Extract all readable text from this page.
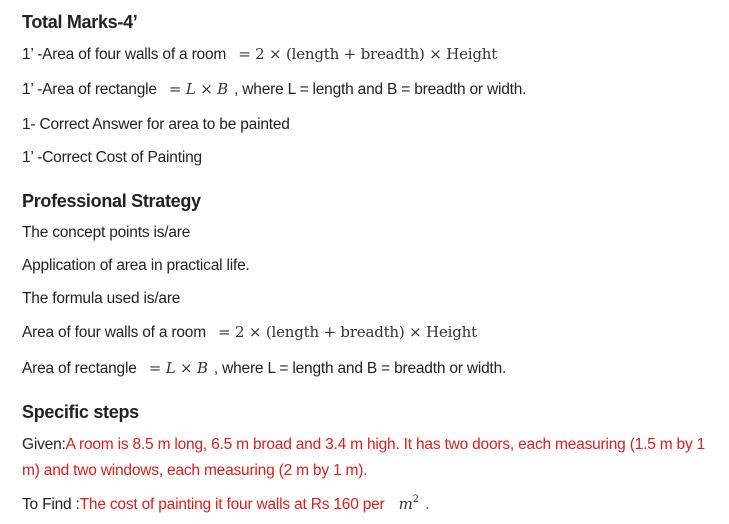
Total Marks-4’
1’ -Area of four walls of a room = 2 × (length + breadth) × Height
1’ -Area of rectangle = L × B , where L = length and B = breadth or width.
1- Correct Answer for area to be painted
1’ -Correct Cost of Painting
Professional Strategy
The concept points is/are
Application of area in practical life.
The formula used is/are
Area of four walls of a room = 2 × (length + breadth) × Height
Area of rectangle = L × B , where L = length and B = breadth or width.
Specific steps
Given:A room is 8.5 m long, 6.5 m broad and 3.4 m high. It has two doors, each measuring (1.5 m by 1 m) and two windows, each measuring (2 m by 1 m).
To Find :The cost of painting it four walls at Rs 160 per $m^2$ .
